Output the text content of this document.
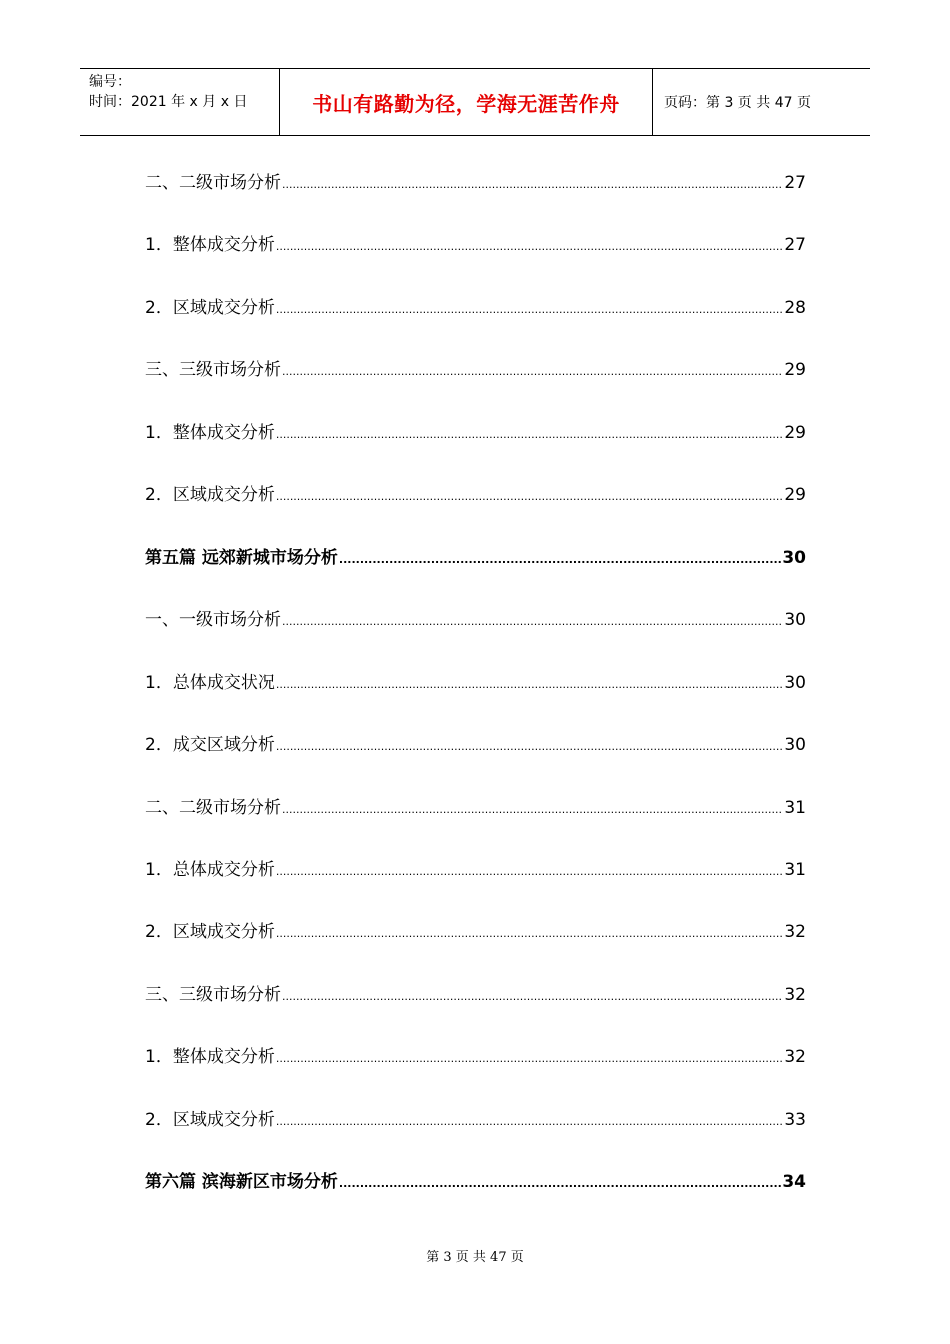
编号：
时间：2021 年 x 月 x 日	书山有路勤为径，学海无涯苦作舟	页码：第 3 页 共 47 页
二、二级市场分析 .....	27
1．整体成交分析 .....	27
2．区域成交分析 .....	28
三、三级市场分析 .....	29
1．整体成交分析 .....	29
2．区域成交分析 .....	29
第五篇 远郊新城市场分析 .....	30
一、一级市场分析 .....	30
1．总体成交状况 .....	30
2．成交区域分析 .....	30
二、二级市场分析 .....	31
1．总体成交分析 .....	31
2．区域成交分析 .....	32
三、三级市场分析 .....	32
1．整体成交分析 .....	32
2．区域成交分析 .....	33
第六篇 滨海新区市场分析 .....	34
第 3 页 共 47 页
